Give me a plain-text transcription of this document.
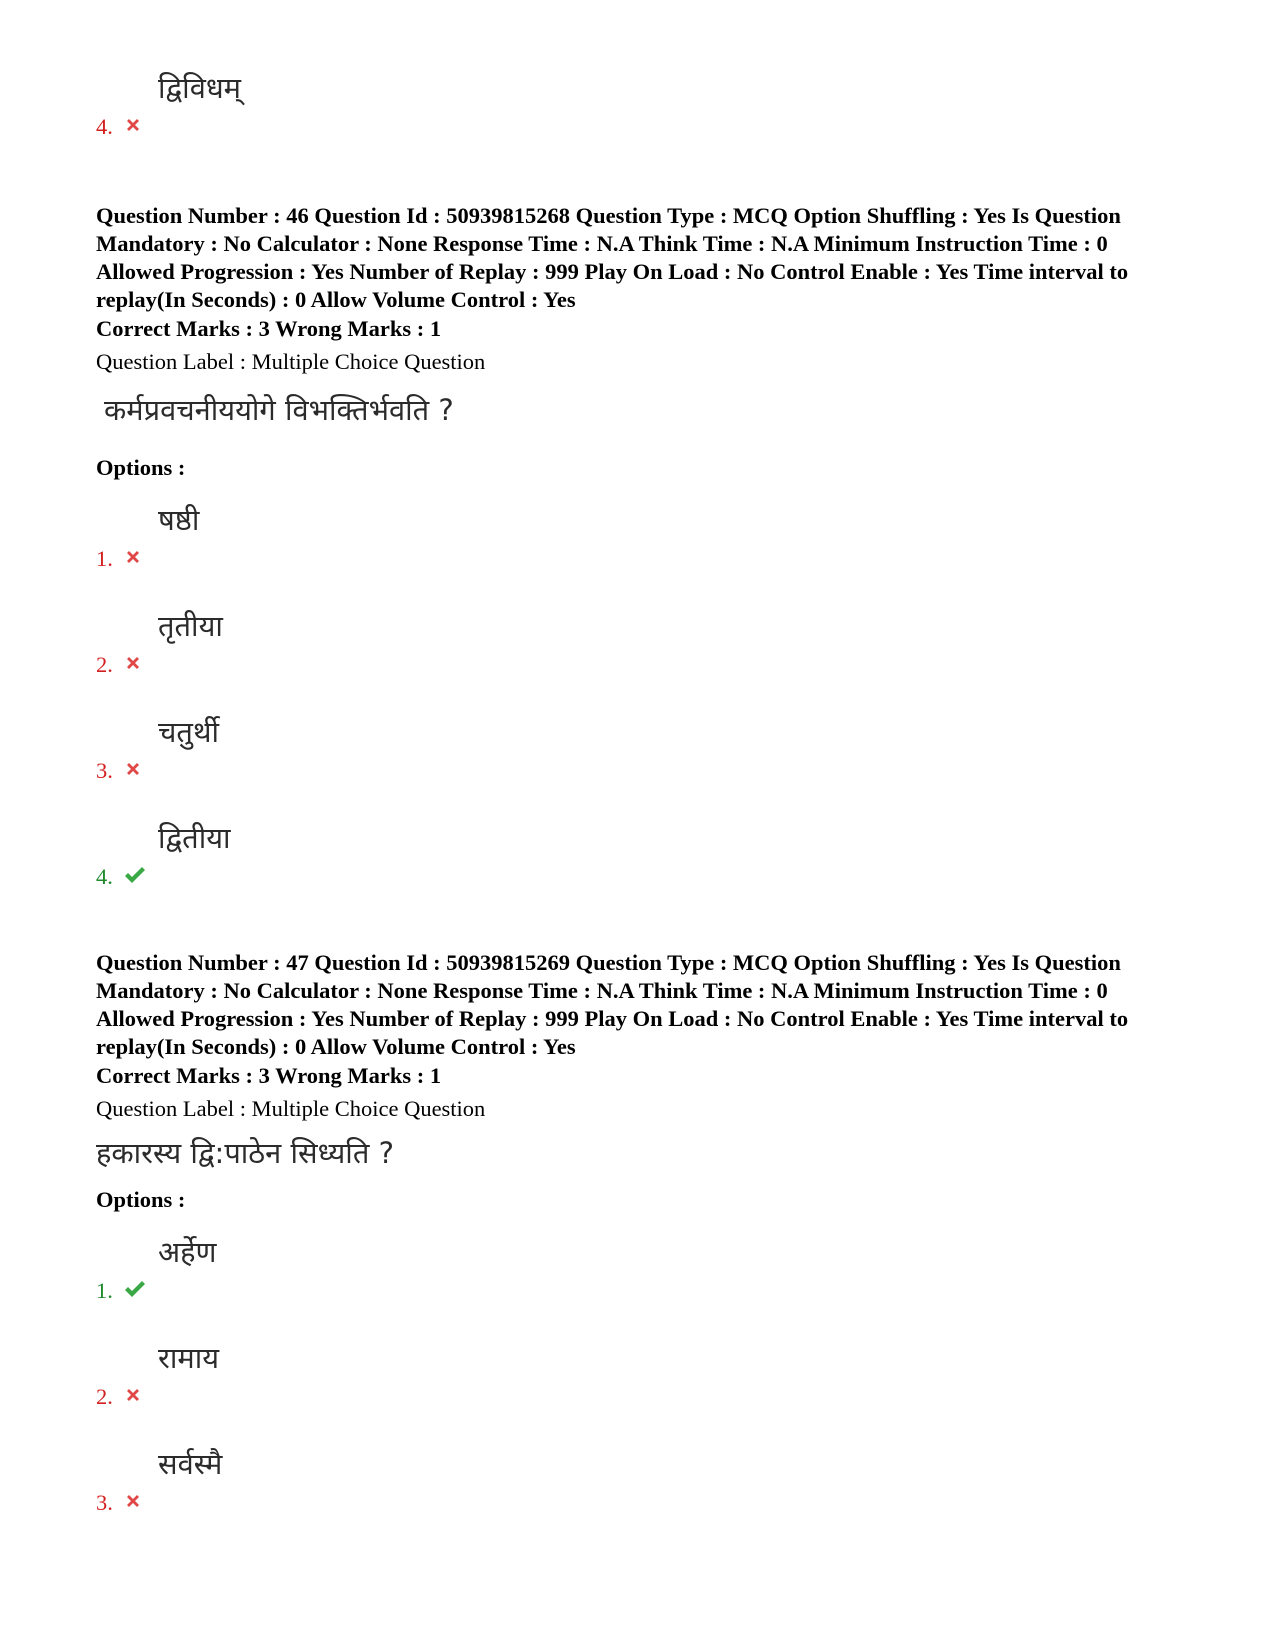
द्विविधम्
4.

Question Number : 46 Question Id : 50939815268 Question Type : MCQ Option Shuffling : Yes Is Question Mandatory : No Calculator : None Response Time : N.A Think Time : N.A Minimum Instruction Time : 0 Allowed Progression : Yes Number of Replay : 999 Play On Load : No Control Enable : Yes Time interval to replay(In Seconds) : 0 Allow Volume Control : Yes

Correct Marks : 3 Wrong Marks : 1

Question Label : Multiple Choice Question

कर्मप्रवचनीययोगे विभक्तिर्भवति ?

Options :

षष्ठी
1.
तृतीया
2.
चतुर्थी
3.
द्वितीया
4.

Question Number : 47 Question Id : 50939815269 Question Type : MCQ Option Shuffling : Yes Is Question Mandatory : No Calculator : None Response Time : N.A Think Time : N.A Minimum Instruction Time : 0 Allowed Progression : Yes Number of Replay : 999 Play On Load : No Control Enable : Yes Time interval to replay(In Seconds) : 0 Allow Volume Control : Yes

Correct Marks : 3 Wrong Marks : 1

Question Label : Multiple Choice Question

हकारस्य द्वि:पाठेन सिध्यति ?

Options :

अर्हेण
1.
रामाय
2.
सर्वस्मै
3.
